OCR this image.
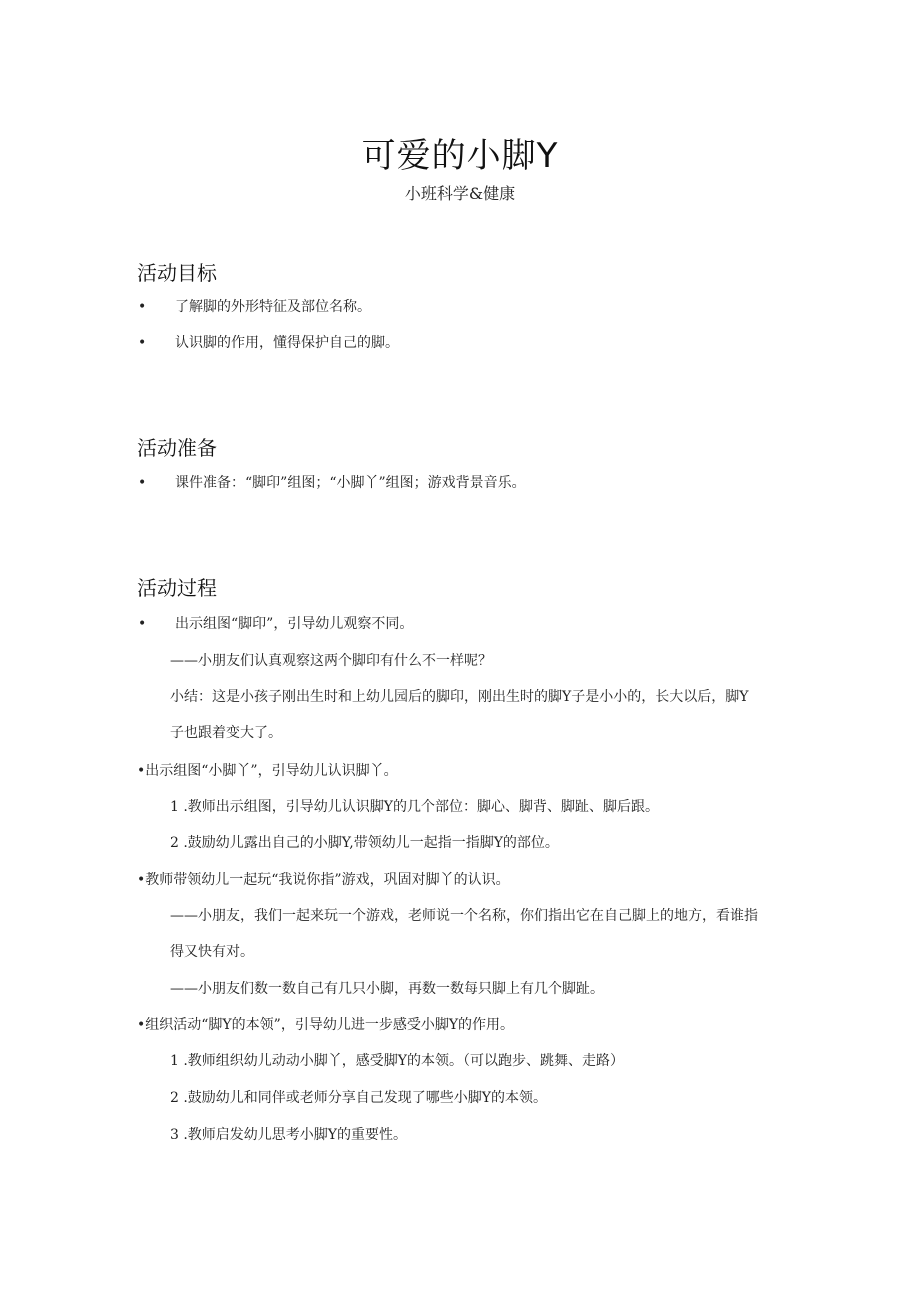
可爱的小脚Y
小班科学&健康
活动目标
• 了解脚的外形特征及部位名称。
• 认识脚的作用，懂得保护自己的脚。
活动准备
• 课件准备：“脚印”组图；“小脚丫”组图；游戏背景音乐。
活动过程
• 出示组图“脚印”，引导幼儿观察不同。
——小朋友们认真观察这两个脚印有什么不一样呢？
小结：这是小孩子刚出生时和上幼儿园后的脚印，刚出生时的脚Y子是小小的，长大以后，脚Y
子也跟着变大了。
•出示组图“小脚丫”，引导幼儿认识脚丫。
1 .教师出示组图，引导幼儿认识脚Y的几个部位：脚心、脚背、脚趾、脚后跟。
2 .鼓励幼儿露出自己的小脚Y,带领幼儿一起指一指脚Y的部位。
•教师带领幼儿一起玩“我说你指”游戏，巩固对脚丫的认识。
——小朋友，我们一起来玩一个游戏，老师说一个名称，你们指出它在自己脚上的地方，看谁指
得又快有对。
——小朋友们数一数自己有几只小脚，再数一数每只脚上有几个脚趾。
•组织活动“脚Y的本领”，引导幼儿进一步感受小脚Y的作用。
1 .教师组织幼儿动动小脚丫，感受脚Y的本领。（可以跑步、跳舞、走路）
2 .鼓励幼儿和同伴或老师分享自己发现了哪些小脚Y的本领。
3 .教师启发幼儿思考小脚Y的重要性。
